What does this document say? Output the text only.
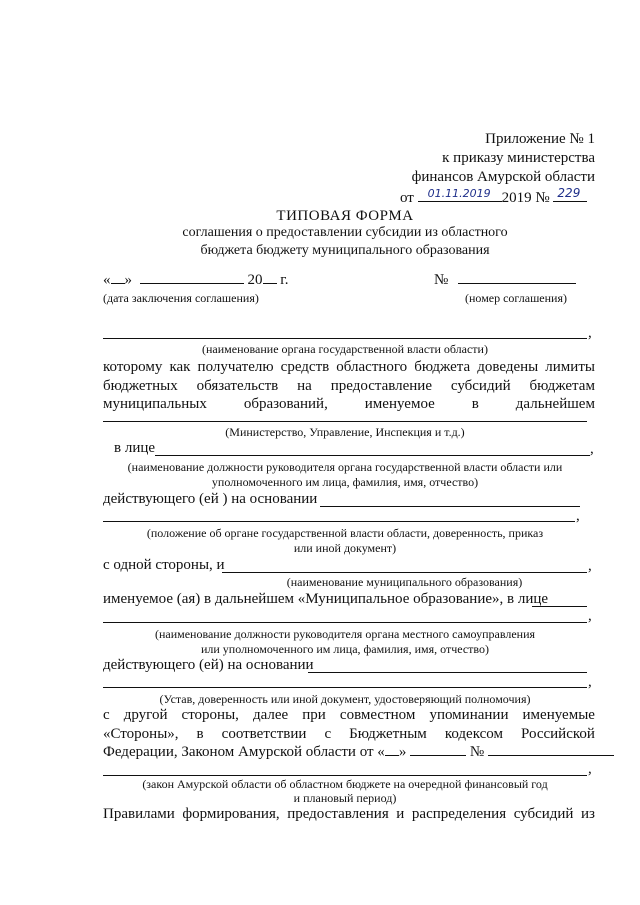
Приложение № 1
к приказу министерства
финансов Амурской области
от 01.11.2019 2019 № 229
ТИПОВАЯ ФОРМА
соглашения о предоставлении субсидии из областного
бюджета бюджету муниципального образования
« »	20 г.	№
(дата заключения соглашения)	(номер соглашения)
,
(наименование органа государственной власти области)
которому как получателю средств областного бюджета доведены лимиты
бюджетных обязательств на предоставление субсидий бюджетам
муниципальных образований, именуемое в дальнейшем
(Министерство, Управление, Инспекция и т.д.)
в лице	,
(наименование должности руководителя органа государственной власти области или
уполномоченного им лица, фамилия, имя, отчество)
действующего (ей ) на основании
,
(положение об органе государственной власти области, доверенность, приказ
или иной документ)
с одной стороны, и	,
(наименование муниципального образования)
именуемое (ая) в дальнейшем «Муниципальное образование», в лице
,
(наименование должности руководителя органа местного самоуправления
или уполномоченного им лица, фамилия, имя, отчество)
действующего (ей) на основании
,
(Устав, доверенность или иной документ, удостоверяющий полномочия)
с другой стороны, далее при совместном упоминании именуемые
«Стороны», в соответствии с Бюджетным кодексом Российской
Федерации, Законом Амурской области от « »	№
,
(закон Амурской области об областном бюджете на очередной финансовый год
и плановый период)
Правилами формирования, предоставления и распределения субсидий из
